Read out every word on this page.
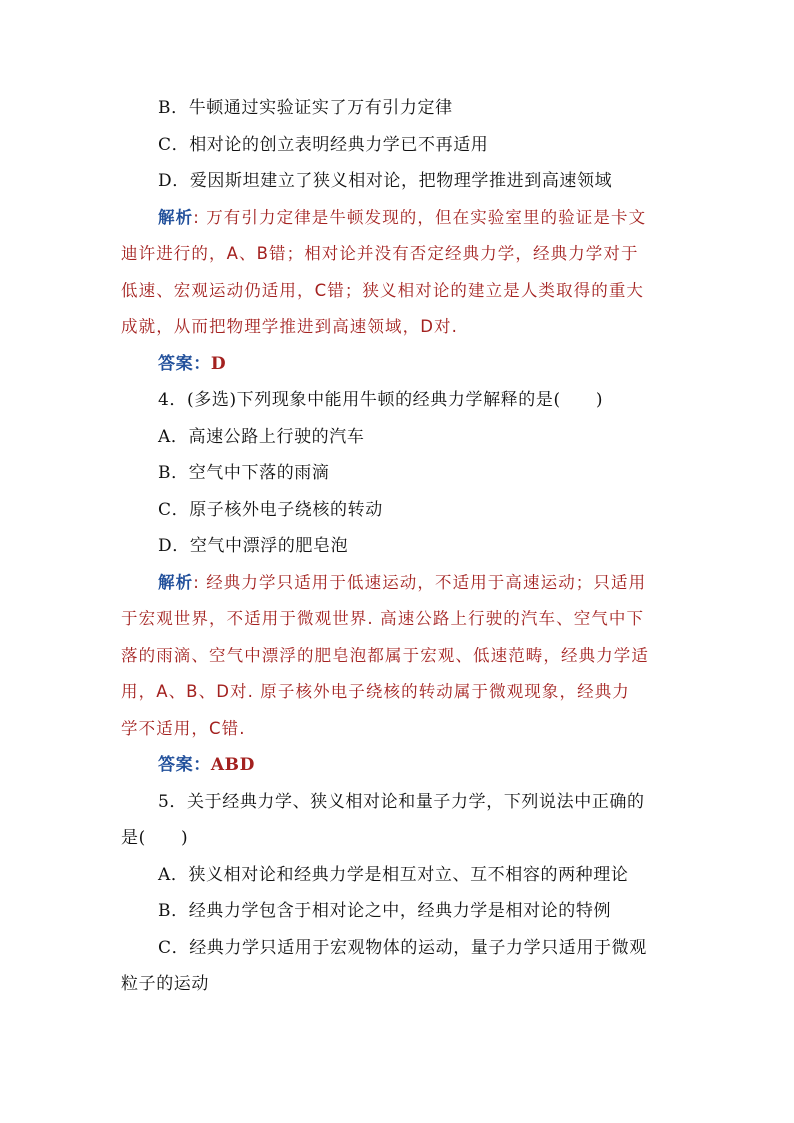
B．牛顿通过实验证实了万有引力定律
C．相对论的创立表明经典力学已不再适用
D．爱因斯坦建立了狭义相对论，把物理学推进到高速领域
解析: 万有引力定律是牛顿发现的，但在实验室里的验证是卡文
迪许进行的，A、B错；相对论并没有否定经典力学，经典力学对于
低速、宏观运动仍适用，C错；狭义相对论的建立是人类取得的重大
成就，从而把物理学推进到高速领域，D对.
答案：D
4．(多选)下列现象中能用牛顿的经典力学解释的是(　　)
A．高速公路上行驶的汽车
B．空气中下落的雨滴
C．原子核外电子绕核的转动
D．空气中漂浮的肥皂泡
解析: 经典力学只适用于低速运动，不适用于高速运动；只适用
于宏观世界，不适用于微观世界. 高速公路上行驶的汽车、空气中下
落的雨滴、空气中漂浮的肥皂泡都属于宏观、低速范畴，经典力学适
用，A、B、D对. 原子核外电子绕核的转动属于微观现象，经典力
学不适用，C错.
答案：ABD
5．关于经典力学、狭义相对论和量子力学，下列说法中正确的
是(　　)
A．狭义相对论和经典力学是相互对立、互不相容的两种理论
B．经典力学包含于相对论之中，经典力学是相对论的特例
C．经典力学只适用于宏观物体的运动，量子力学只适用于微观
粒子的运动
